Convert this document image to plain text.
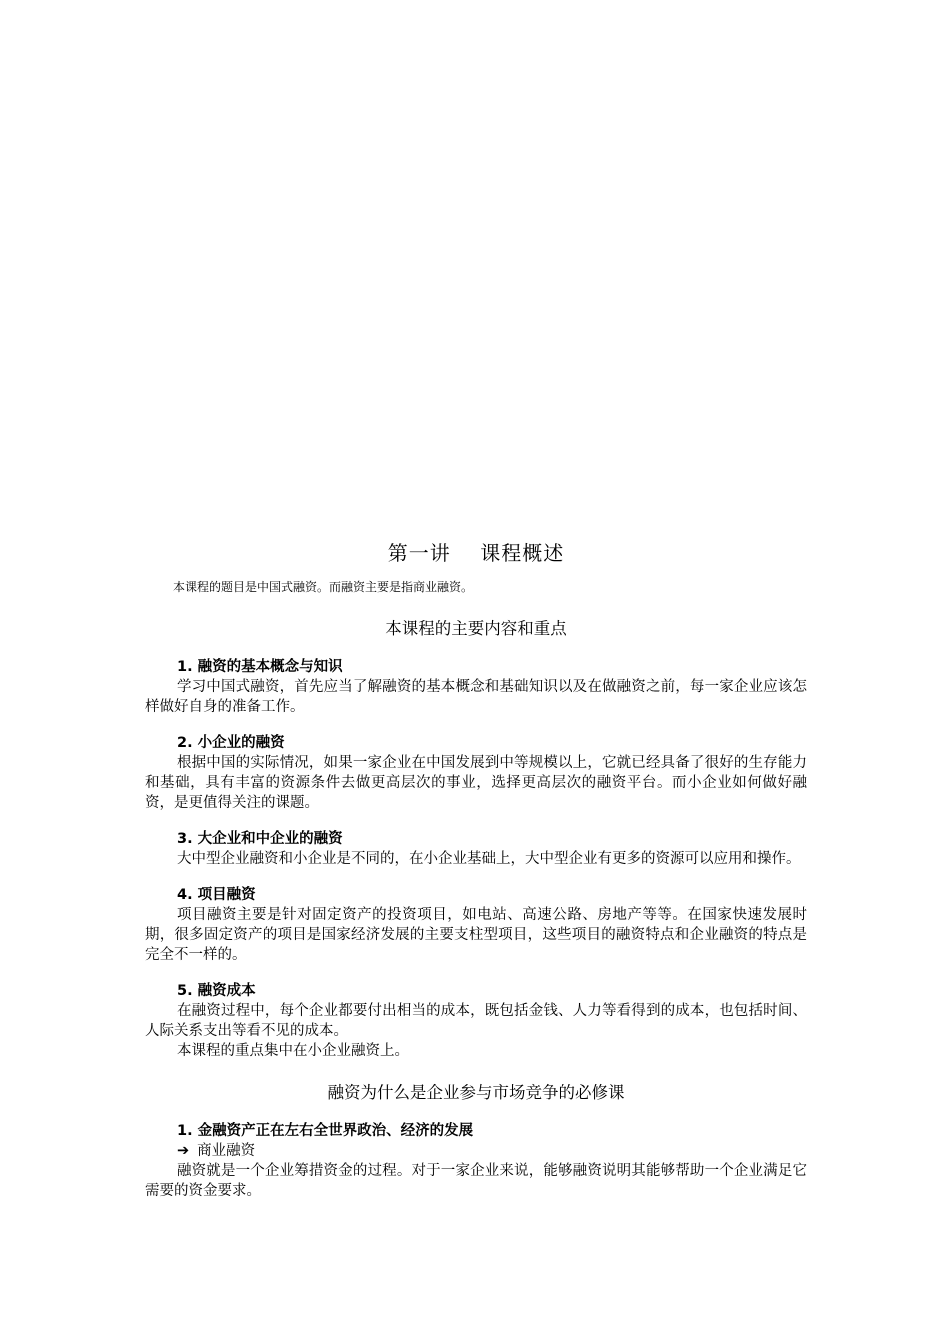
第一讲    课程概述
本课程的题目是中国式融资。而融资主要是指商业融资。
本课程的主要内容和重点
1. 融资的基本概念与知识

学习中国式融资，首先应当了解融资的基本概念和基础知识以及在做融资之前，每一家企业应该怎样做好自身的准备工作。

2. 小企业的融资

根据中国的实际情况，如果一家企业在中国发展到中等规模以上，它就已经具备了很好的生存能力和基础，具有丰富的资源条件去做更高层次的事业，选择更高层次的融资平台。而小企业如何做好融资，是更值得关注的课题。

3. 大企业和中企业的融资

大中型企业融资和小企业是不同的，在小企业基础上，大中型企业有更多的资源可以应用和操作。

4. 项目融资

项目融资主要是针对固定资产的投资项目，如电站、高速公路、房地产等等。在国家快速发展时期，很多固定资产的项目是国家经济发展的主要支柱型项目，这些项目的融资特点和企业融资的特点是完全不一样的。

5. 融资成本

在融资过程中，每个企业都要付出相当的成本，既包括金钱、人力等看得到的成本，也包括时间、人际关系支出等看不见的成本。

本课程的重点集中在小企业融资上。

融资为什么是企业参与市场竞争的必修课
1. 金融资产正在左右全世界政治、经济的发展
➔ 商业融资

融资就是一个企业筹措资金的过程。对于一家企业来说，能够融资说明其能够帮助一个企业满足它需要的资金要求。
